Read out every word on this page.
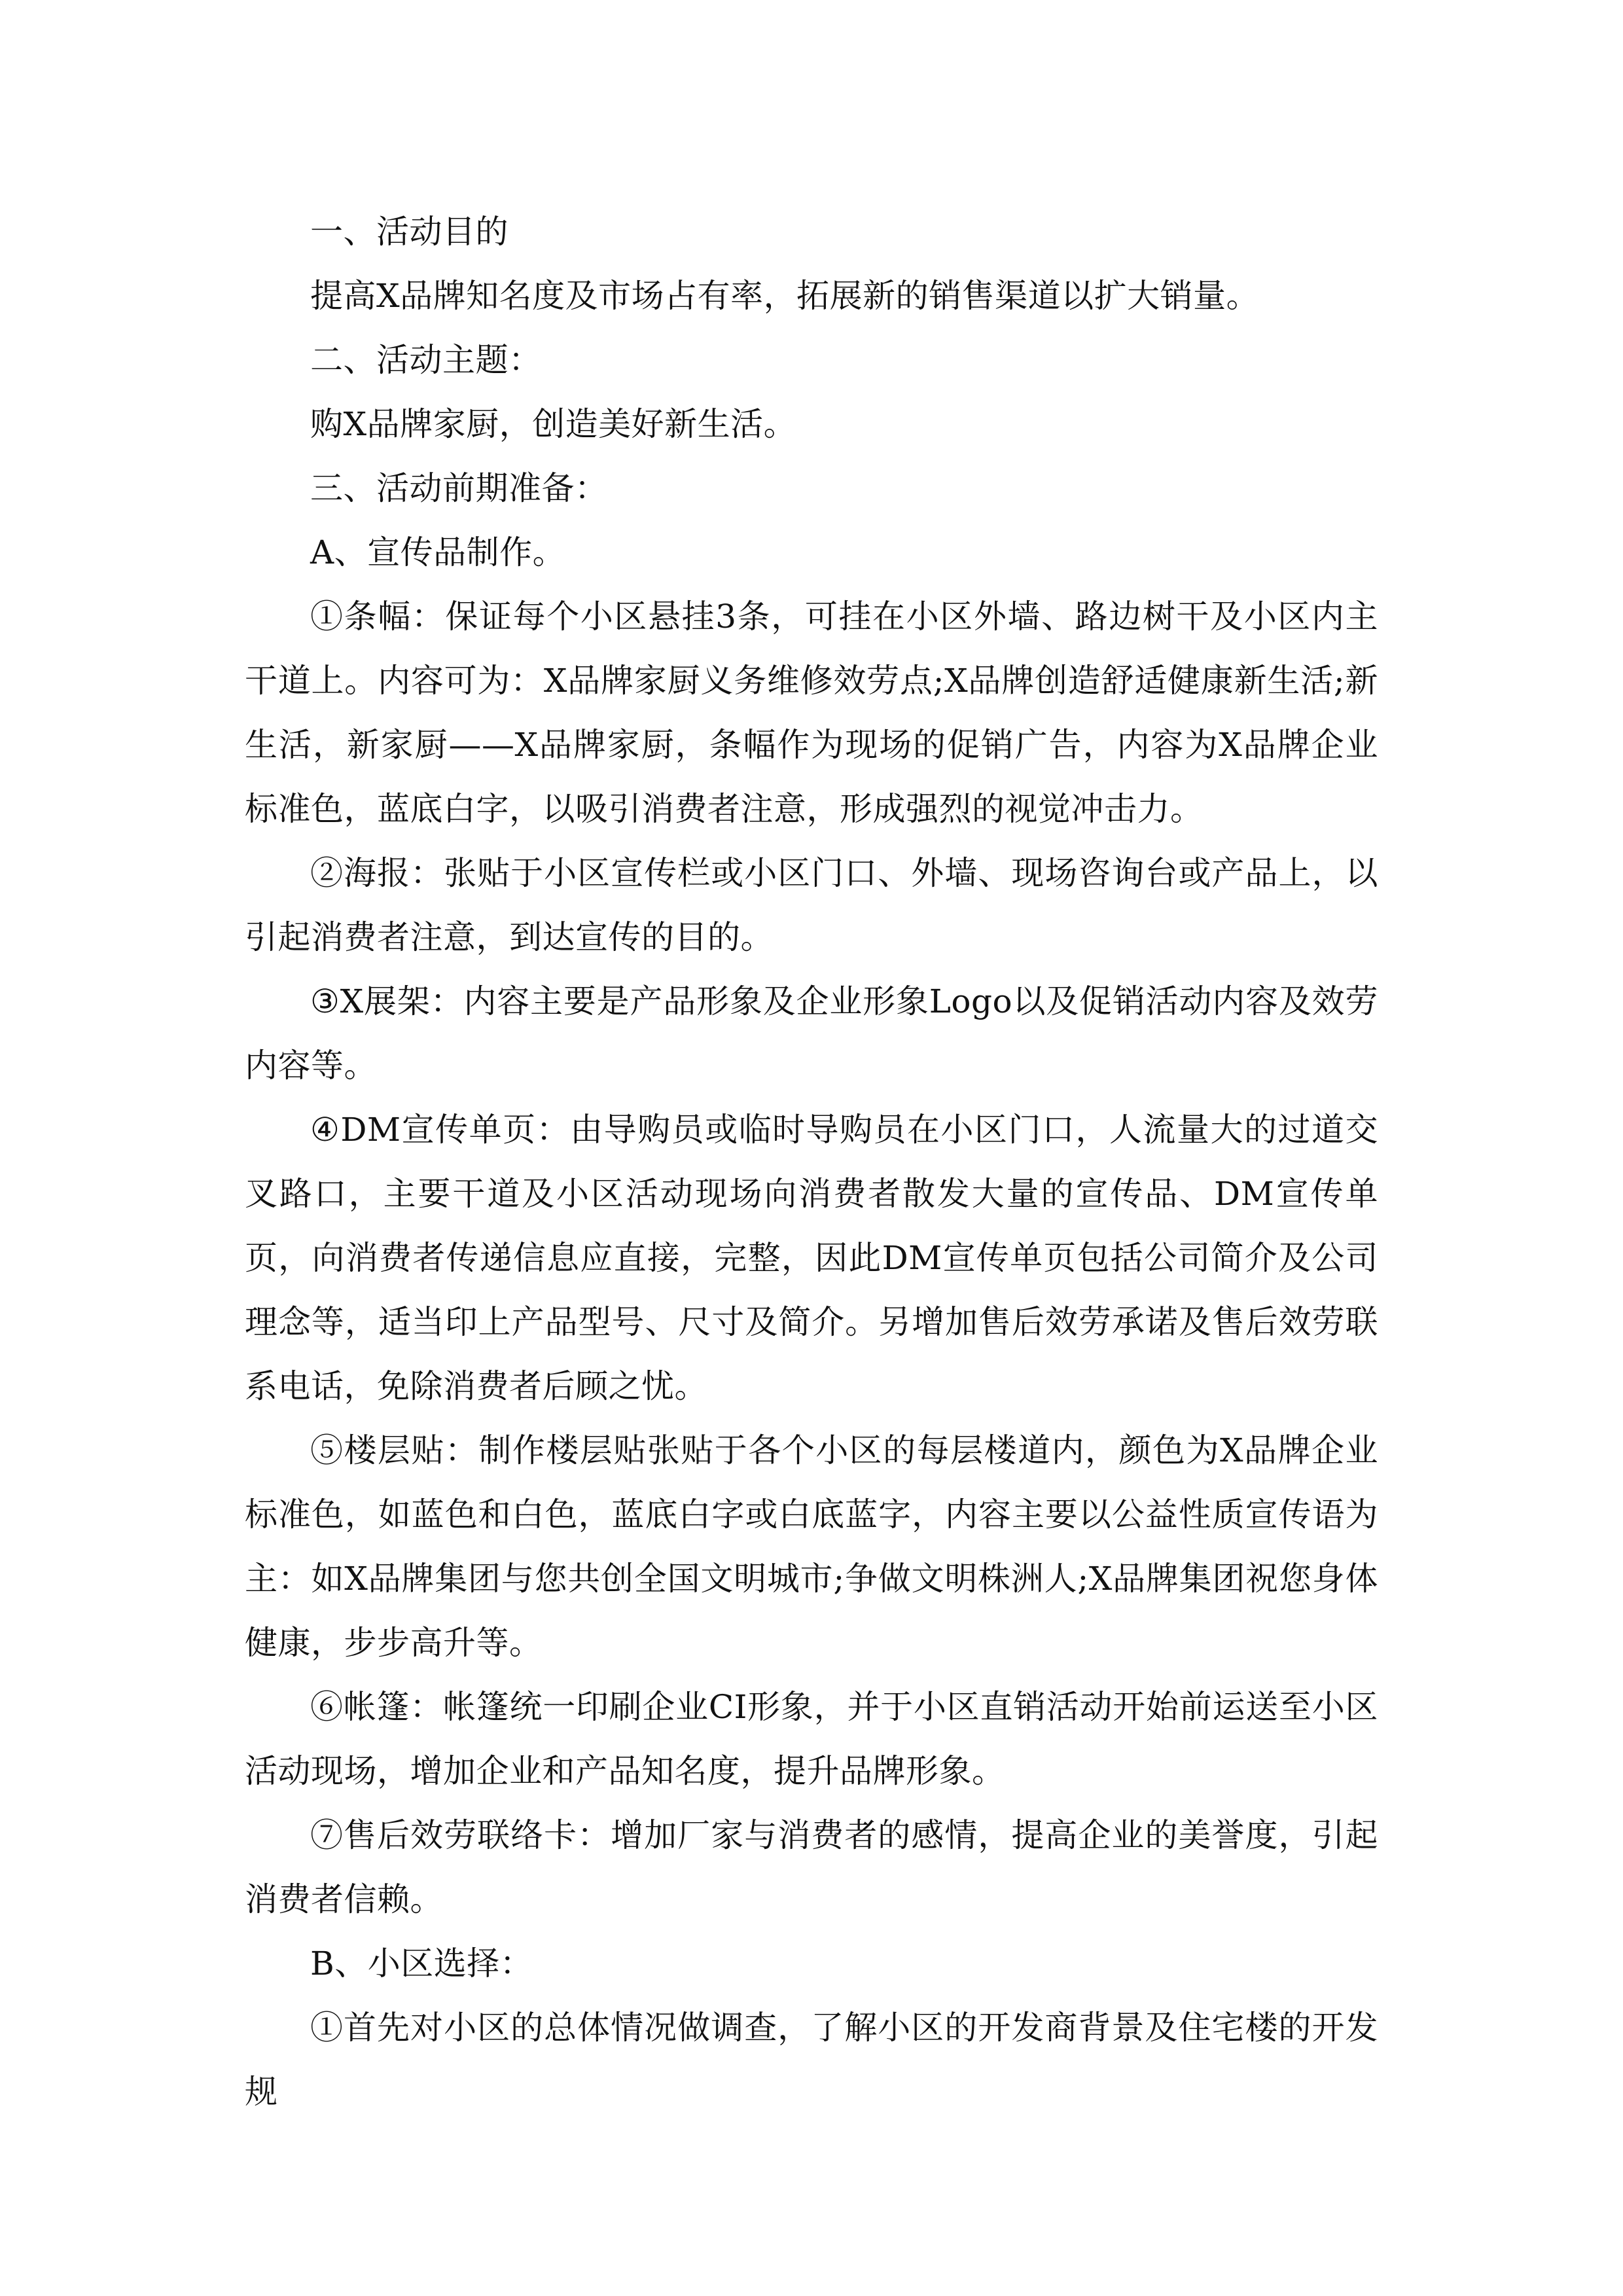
一、活动目的

提高X品牌知名度及市场占有率，拓展新的销售渠道以扩大销量。

二、活动主题：

购X品牌家厨，创造美好新生活。

三、活动前期准备：

A、宣传品制作。

①条幅：保证每个小区悬挂3条，可挂在小区外墙、路边树干及小区内主干道上。内容可为：X品牌家厨义务维修效劳点;X品牌创造舒适健康新生活;新生活，新家厨——X品牌家厨，条幅作为现场的促销广告，内容为X品牌企业标准色，蓝底白字，以吸引消费者注意，形成强烈的视觉冲击力。

②海报：张贴于小区宣传栏或小区门口、外墙、现场咨询台或产品上，以引起消费者注意，到达宣传的目的。

③X展架：内容主要是产品形象及企业形象Logo以及促销活动内容及效劳内容等。

④DM宣传单页：由导购员或临时导购员在小区门口，人流量大的过道交叉路口，主要干道及小区活动现场向消费者散发大量的宣传品、DM宣传单页，向消费者传递信息应直接，完整，因此DM宣传单页包括公司简介及公司理念等，适当印上产品型号、尺寸及简介。另增加售后效劳承诺及售后效劳联系电话，免除消费者后顾之忧。

⑤楼层贴：制作楼层贴张贴于各个小区的每层楼道内，颜色为X品牌企业标准色，如蓝色和白色，蓝底白字或白底蓝字，内容主要以公益性质宣传语为主：如X品牌集团与您共创全国文明城市;争做文明株洲人;X品牌集团祝您身体健康，步步高升等。

⑥帐篷：帐篷统一印刷企业CI形象，并于小区直销活动开始前运送至小区活动现场，增加企业和产品知名度，提升品牌形象。

⑦售后效劳联络卡：增加厂家与消费者的感情，提高企业的美誉度，引起消费者信赖。

B、小区选择：

①首先对小区的总体情况做调查，了解小区的开发商背景及住宅楼的开发规
